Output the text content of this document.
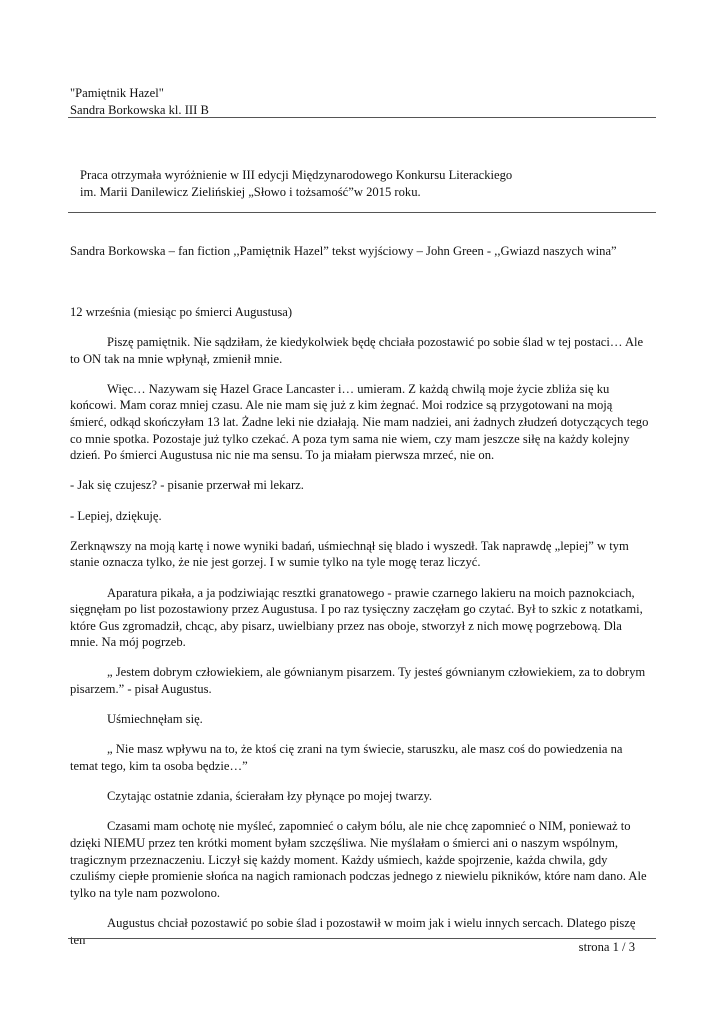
"Pamiętnik Hazel"
Sandra Borkowska kl. III B
Praca otrzymała wyróżnienie w III edycji Międzynarodowego Konkursu Literackiego
im. Marii Danilewicz Zielińskiej „Słowo i tożsamość”w 2015 roku.
Sandra Borkowska – fan fiction ,,Pamiętnik Hazel” tekst wyjściowy – John Green - ,,Gwiazd naszych wina”
12 września (miesiąc po śmierci Augustusa)

Piszę pamiętnik. Nie sądziłam, że kiedykolwiek będę chciała pozostawić po sobie ślad w tej postaci… Ale to ON tak na mnie wpłynął, zmienił mnie.

Więc… Nazywam się Hazel Grace Lancaster i… umieram. Z każdą chwilą moje życie zbliża się ku końcowi. Mam coraz mniej czasu. Ale nie mam się już z kim żegnać. Moi rodzice są przygotowani na moją śmierć, odkąd skończyłam 13 lat. Żadne leki nie działają. Nie mam nadziei, ani żadnych złudzeń dotyczących tego co mnie spotka. Pozostaje już tylko czekać. A poza tym sama nie wiem, czy mam jeszcze siłę na każdy kolejny dzień. Po śmierci Augustusa nic nie ma sensu. To ja miałam pierwsza mrzeć, nie on.

- Jak się czujesz? - pisanie przerwał mi lekarz.

- Lepiej, dziękuję.

Zerknąwszy na moją kartę i nowe wyniki badań, uśmiechnął się blado i wyszedł. Tak naprawdę „lepiej” w tym stanie oznacza tylko, że nie jest gorzej. I w sumie tylko na tyle mogę teraz liczyć.

Aparatura pikała, a ja podziwiając resztki granatowego - prawie czarnego lakieru na moich paznokciach, sięgnęłam po list pozostawiony przez Augustusa. I po raz tysięczny zaczęłam go czytać. Był to szkic z notatkami, które Gus zgromadził, chcąc, aby pisarz, uwielbiany przez nas oboje, stworzył z nich mowę pogrzebową. Dla mnie. Na mój pogrzeb.

„ Jestem dobrym człowiekiem, ale gównianym pisarzem. Ty jesteś gównianym człowiekiem, za to dobrym pisarzem.” - pisał Augustus.

Uśmiechnęłam się.

„ Nie masz wpływu na to, że ktoś cię zrani na tym świecie, staruszku, ale masz coś do powiedzenia na temat tego, kim ta osoba będzie…”

Czytając ostatnie zdania, ścierałam łzy płynące po mojej twarzy.

Czasami mam ochotę nie myśleć, zapomnieć o całym bólu, ale nie chcę zapomnieć o NIM, ponieważ to dzięki NIEMU przez ten krótki moment byłam szczęśliwa. Nie myślałam o śmierci ani o naszym wspólnym, tragicznym przeznaczeniu. Liczył się każdy moment. Każdy uśmiech, każde spojrzenie, każda chwila, gdy czuliśmy ciepłe promienie słońca na nagich ramionach podczas jednego z niewielu pikników, które nam dano. Ale tylko na tyle nam pozwolono.

Augustus chciał pozostawić po sobie ślad i pozostawił w moim jak i wielu innych sercach. Dlatego piszę ten

strona 1 / 3
